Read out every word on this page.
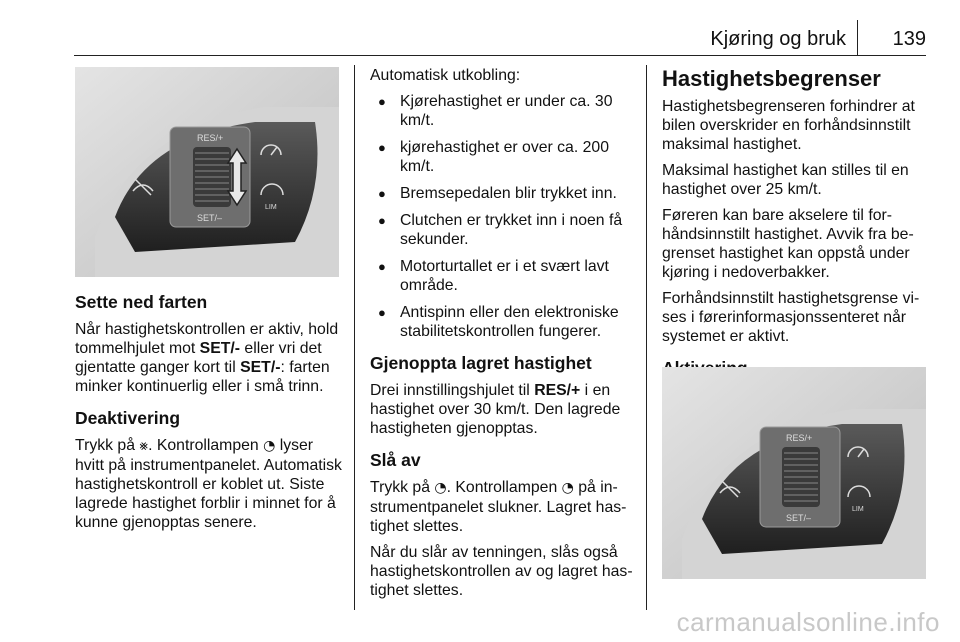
Kjøring og bruk 139
RES/+
SET/–
LIM
Sette ned farten

Når hastighetskontrollen er aktiv, hold tommelhjulet mot SET/- eller vri det gjentatte ganger kort til SET/-: farten minker kontinuerlig eller i små trinn.

Deaktivering

Trykk på ⨳. Kontrollampen ◔ lyser hvitt på instrumentpanelet. Automatisk hastighetskontroll er koblet ut. Siste lagrede hastighet forblir i minnet for å kunne gjenopptas senere.

Automatisk utkobling:

● Kjørehastighet er under ca. 30 km/t.
● kjørehastighet er over ca. 200 km/t.
● Bremsepedalen blir trykket inn.
● Clutchen er trykket inn i noen få sekunder.
● Motorturtallet er i et svært lavt område.
● Antispinn eller den elektroniske stabilitetskontrollen fungerer.
Gjenoppta lagret hastighet

Drei innstillingshjulet til RES/+ i en hastighet over 30 km/t. Den lagrede hastigheten gjenopptas.

Slå av

Trykk på ◔. Kontrollampen ◔ på instrumentpanelet slukner. Lagret hastighet slettes.

Når du slår av tenningen, slås også hastighetskontrollen av og lagret hastighet slettes.

Hastighetsbegrenser

Hastighetsbegrenseren forhindrer at bilen overskrider en forhåndsinnstilt maksimal hastighet.

Maksimal hastighet kan stilles til en hastighet over 25 km/t.

Føreren kan bare akselere til forhåndsinnstilt hastighet. Avvik fra begrenset hastighet kan oppstå under kjøring i nedoverbakker.

Forhåndsinnstilt hastighetsgrense vises i førerinformasjonssenteret når systemet er aktivt.

RES/+
SET/–
LIM
carmanualsonline.info
